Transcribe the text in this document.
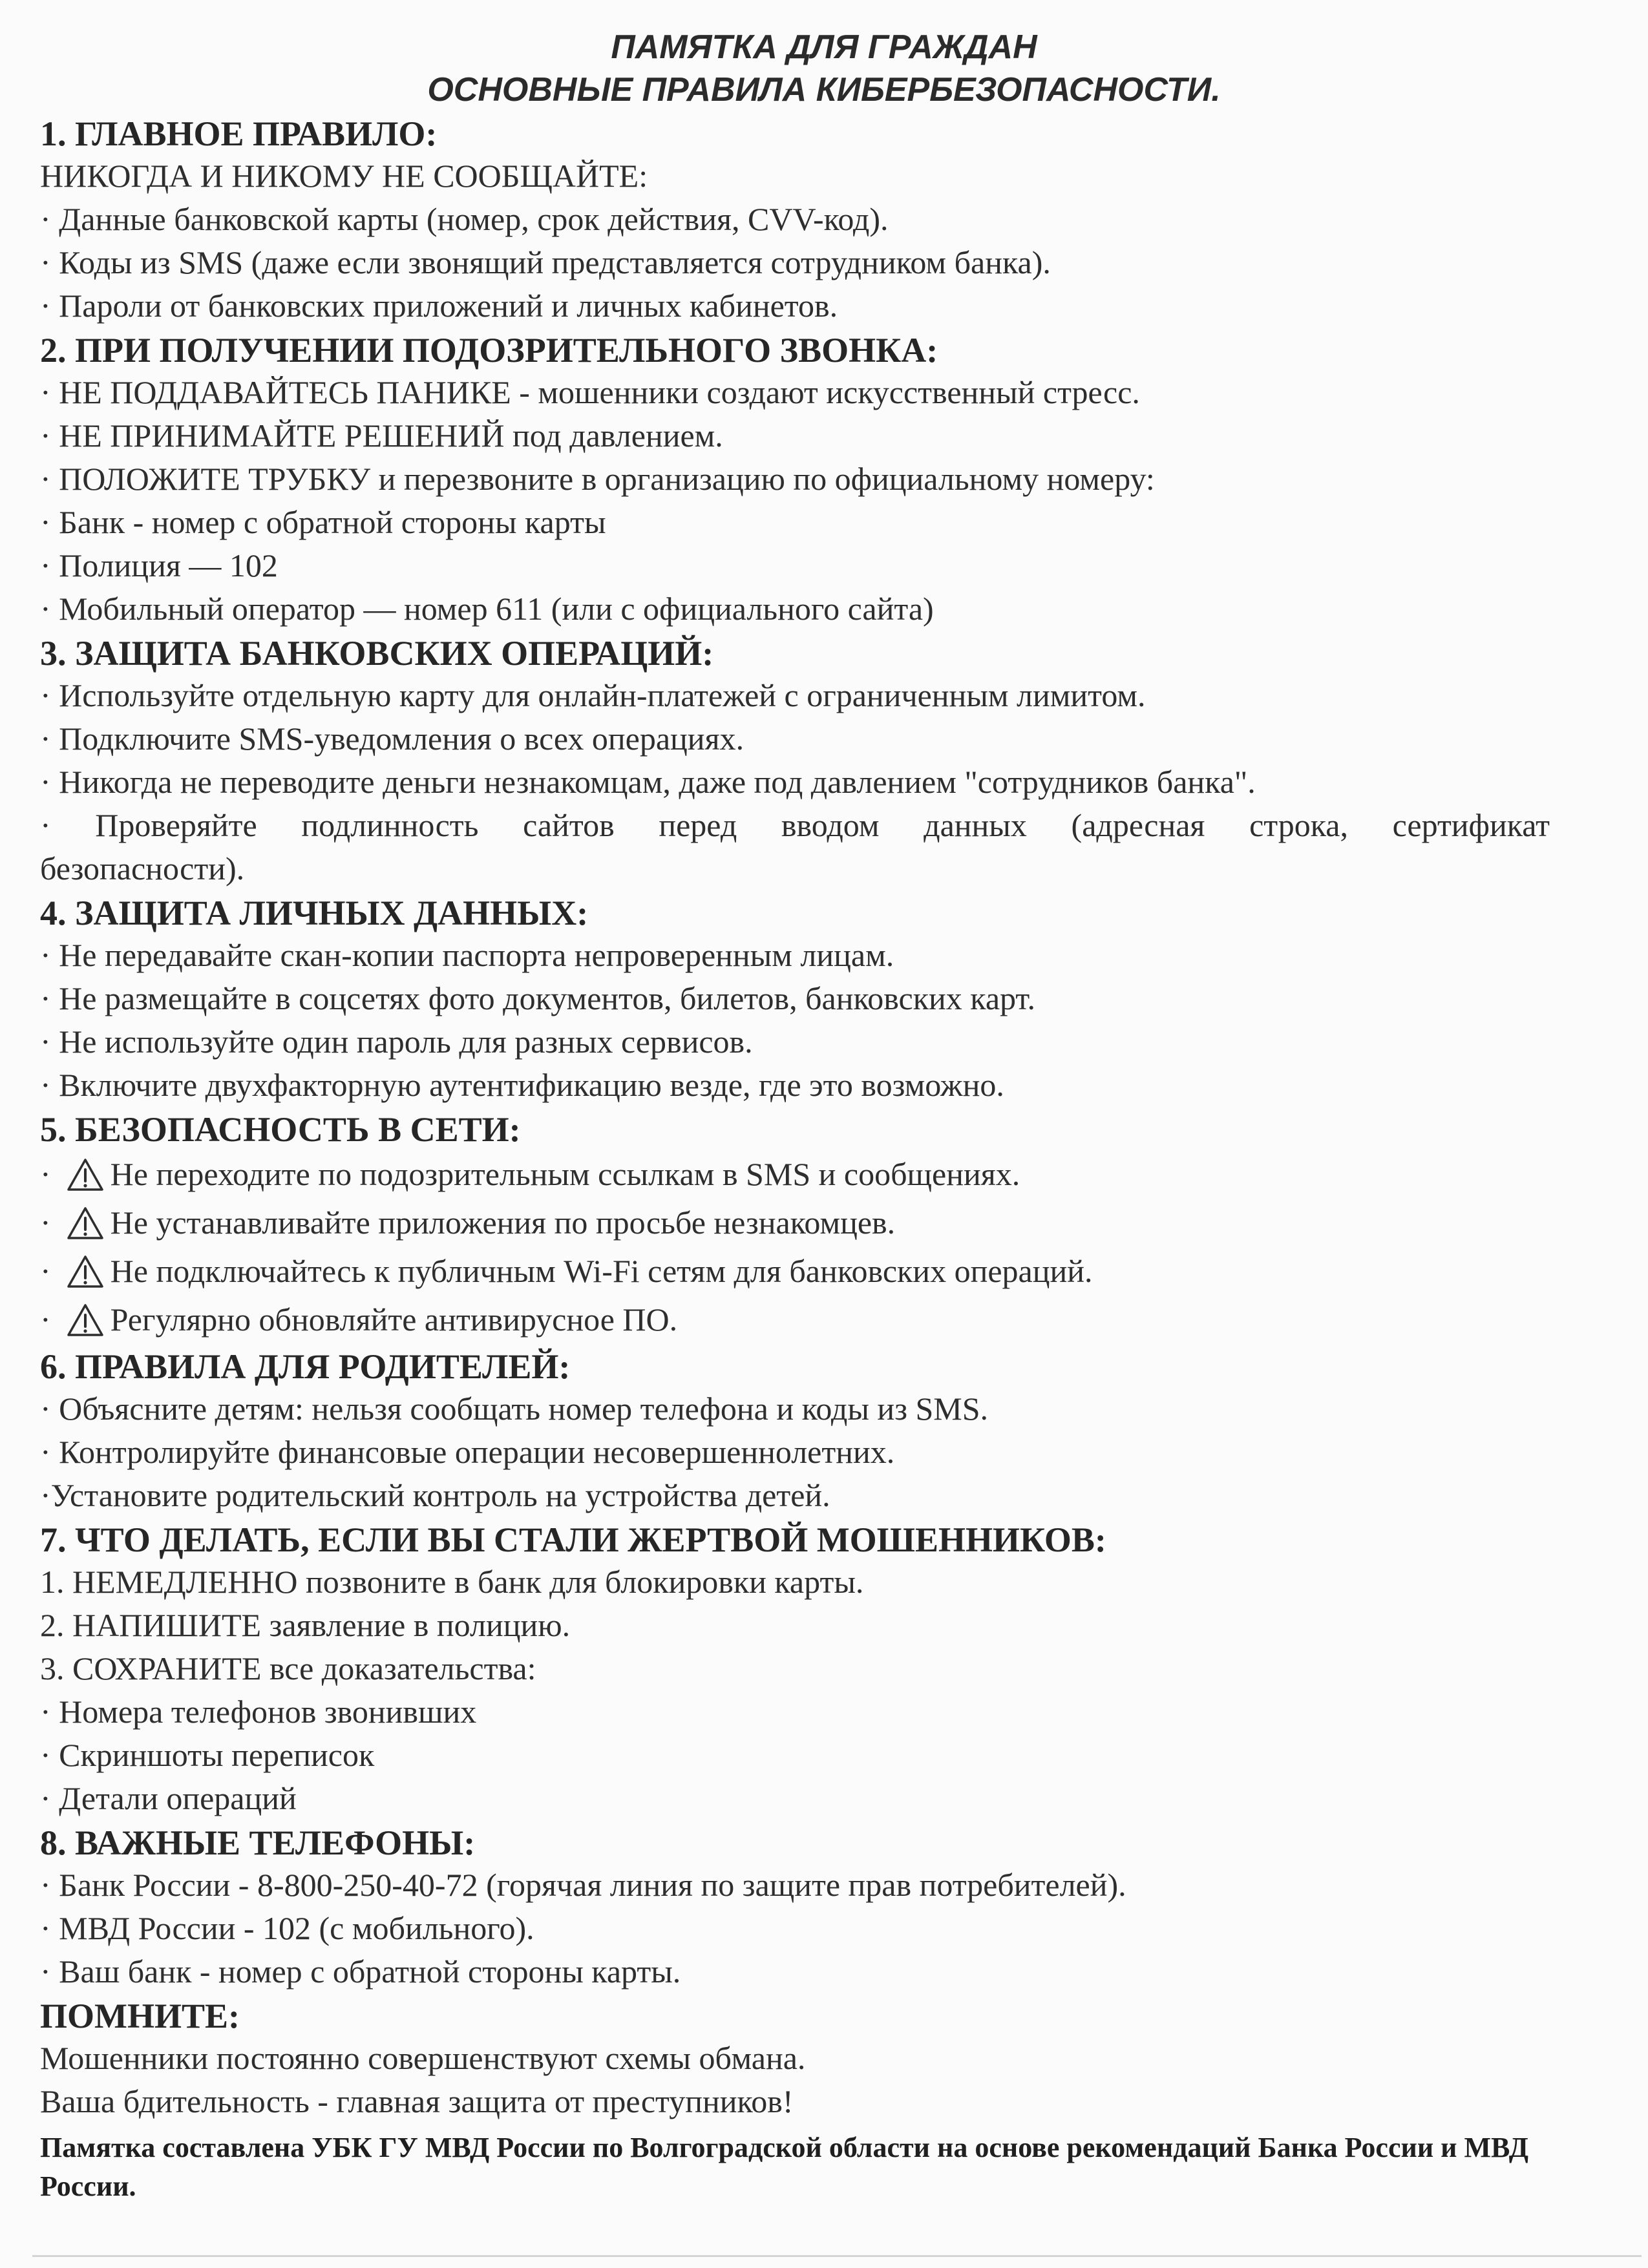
ПАМЯТКА ДЛЯ ГРАЖДАН

ОСНОВНЫЕ ПРАВИЛА КИБЕРБЕЗОПАСНОСТИ.

1. ГЛАВНОЕ ПРАВИЛО:

НИКОГДА И НИКОМУ НЕ СООБЩАЙТЕ:

· Данные банковской карты (номер, срок действия, CVV-код).

· Коды из SMS (даже если звонящий представляется сотрудником банка).

· Пароли от банковских приложений и личных кабинетов.

2. ПРИ ПОЛУЧЕНИИ ПОДОЗРИТЕЛЬНОГО ЗВОНКА:

· НЕ ПОДДАВАЙТЕСЬ ПАНИКЕ - мошенники создают искусственный стресс.

· НЕ ПРИНИМАЙТЕ РЕШЕНИЙ под давлением.

· ПОЛОЖИТЕ ТРУБКУ и перезвоните в организацию по официальному номеру:

· Банк - номер с обратной стороны карты

· Полиция — 102

· Мобильный оператор — номер 611 (или с официального сайта)

3. ЗАЩИТА БАНКОВСКИХ ОПЕРАЦИЙ:

· Используйте отдельную карту для онлайн-платежей с ограниченным лимитом.

· Подключите SMS-уведомления о всех операциях.

· Никогда не переводите деньги незнакомцам, даже под давлением "сотрудников банка".

· Проверяйте подлинность сайтов перед вводом данных (адресная строка, сертификат

безопасности).

4. ЗАЩИТА ЛИЧНЫХ ДАННЫХ:

· Не передавайте скан-копии паспорта непроверенным лицам.

· Не размещайте в соцсетях фото документов, билетов, банковских карт.

· Не используйте один пароль для разных сервисов.

· Включите двухфакторную аутентификацию везде, где это возможно.

5. БЕЗОПАСНОСТЬ В СЕТИ:

· Не переходите по подозрительным ссылкам в SMS и сообщениях.
· Не устанавливайте приложения по просьбе незнакомцев.
· Не подключайтесь к публичным Wi-Fi сетям для банковских операций.
· Регулярно обновляйте антивирусное ПО.

6. ПРАВИЛА ДЛЯ РОДИТЕЛЕЙ:

· Объясните детям: нельзя сообщать номер телефона и коды из SMS.

· Контролируйте финансовые операции несовершеннолетних.

·Установите родительский контроль на устройства детей.

7. ЧТО ДЕЛАТЬ, ЕСЛИ ВЫ СТАЛИ ЖЕРТВОЙ МОШЕННИКОВ:

1. НЕМЕДЛЕННО позвоните в банк для блокировки карты.

2. НАПИШИТЕ заявление в полицию.

3. СОХРАНИТЕ все доказательства:

· Номера телефонов звонивших

· Скриншоты переписок

· Детали операций

8. ВАЖНЫЕ ТЕЛЕФОНЫ:

· Банк России - 8-800-250-40-72 (горячая линия по защите прав потребителей).

· МВД России - 102 (с мобильного).

· Ваш банк - номер с обратной стороны карты.

ПОМНИТЕ:

Мошенники постоянно совершенствуют схемы обмана.

Ваша бдительность - главная защита от преступников!

Памятка составлена УБК ГУ МВД России по Волгоградской области на основе рекомендаций Банка России и МВД России.
